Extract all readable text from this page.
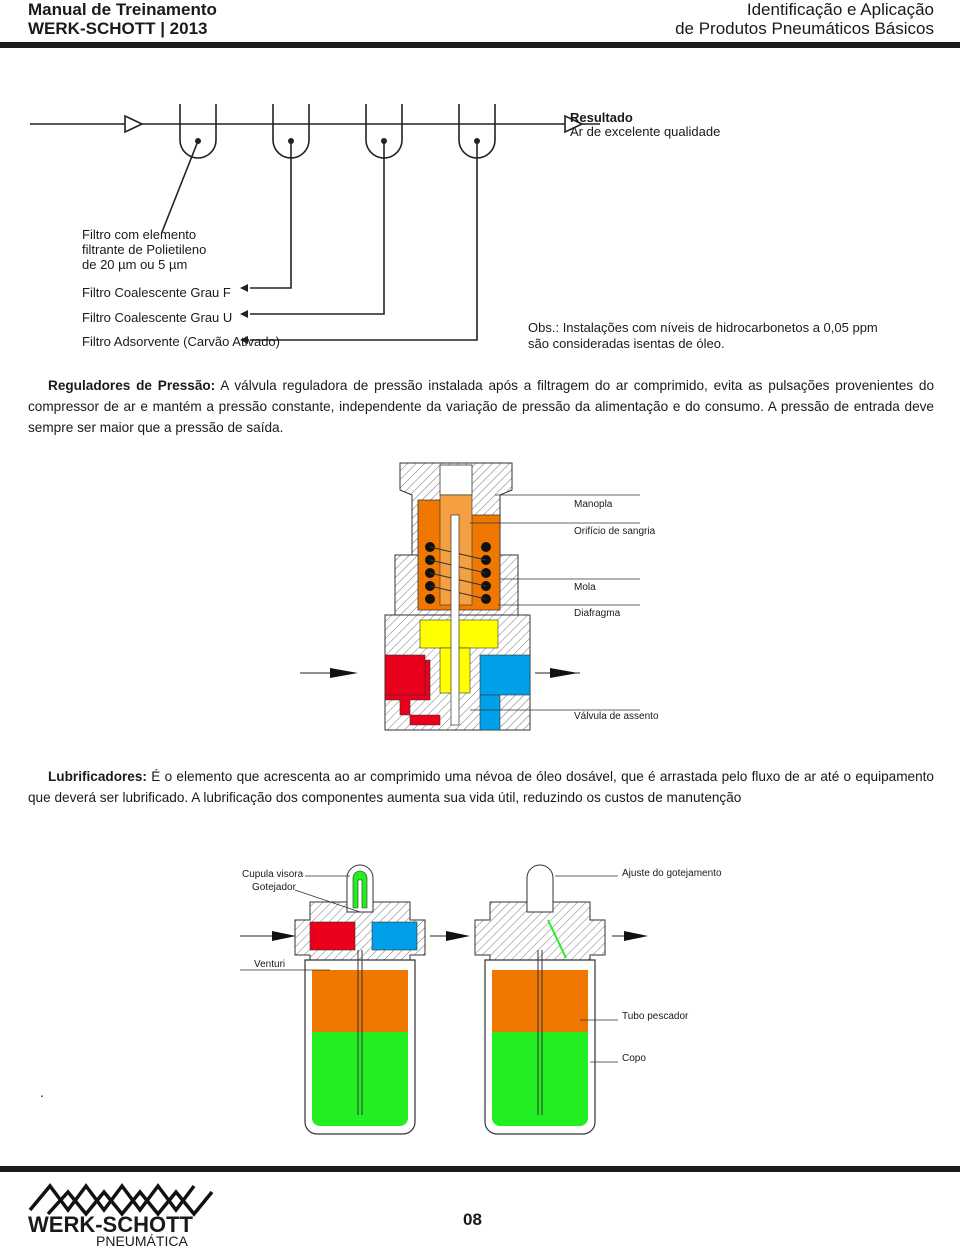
Manual de Treinamento
WERK-SCHOTT | 2013
Identificação e Aplicação
de Produtos Pneumáticos Básicos
Resultado
Ar de excelente qualidade
Filtro com elemento
filtrante de Polietileno
de 20 µm ou 5 µm
Filtro Coalescente Grau F
Filtro Coalescente Grau U
Filtro Adsorvente (Carvão Ativado)
Obs.: Instalações com níveis de hidrocarbonetos a 0,05 ppm
são consideradas isentas de óleo.
Reguladores de Pressão: A válvula reguladora de pressão instalada após a filtragem do ar comprimido, evita as pulsações provenientes do compressor de ar e mantém a pressão constante, independente da variação de pressão da alimentação e do consumo. A pressão de entrada deve sempre ser maior que a pressão de saída.
Manopla
Orifício de sangria
Mola
Diafragma
Válvula de assento
Lubrificadores: É o elemento que acrescenta ao ar comprimido uma névoa de óleo dosável, que é arrastada pelo fluxo de ar até o equipamento que deverá ser lubrificado. A lubrificação dos componentes aumenta sua vida útil, reduzindo os custos de manutenção
Cupula visora
Gotejador
Venturi
Ajuste do gotejamento
Tubo pescador
Copo
.
WERK-SCHOTT
PNEUMÁTICA
08
